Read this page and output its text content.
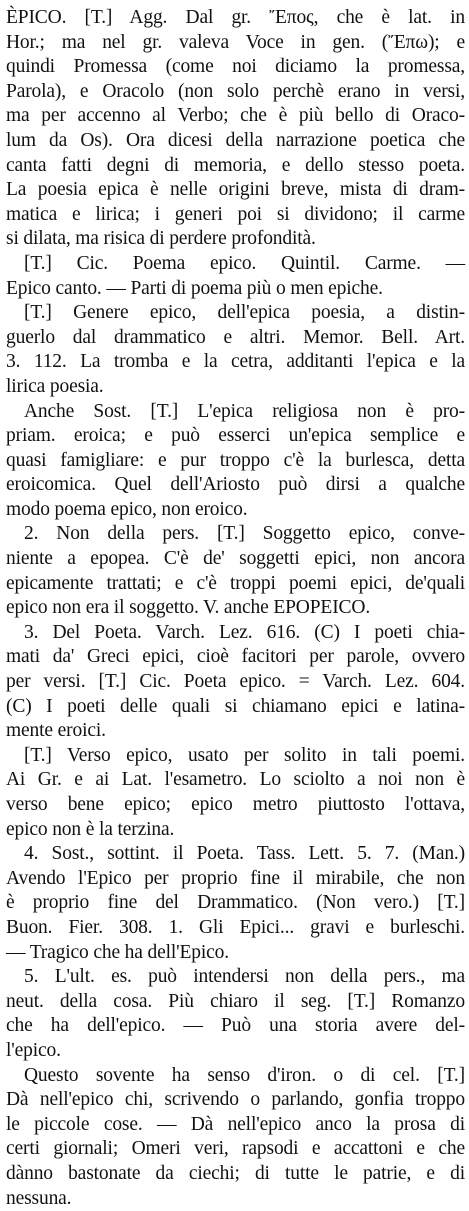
ÈPICO. [T.] Agg. Dal gr. Ἔπος, che è lat. in
Hor.; ma nel gr. valeva Voce in gen. (Ἔπω); e
quindi Promessa (come noi diciamo la promessa,
Parola), e Oracolo (non solo perchè erano in versi,
ma per accenno al Verbo; che è più bello di Oraco-
lum da Os). Ora dicesi della narrazione poetica che
canta fatti degni di memoria, e dello stesso poeta.
La poesia epica è nelle origini breve, mista di dram-
matica e lirica; i generi poi si dividono; il carme
si dilata, ma risica di perdere profondità.
[T.] Cic. Poema epico. Quintil. Carme. —
Epico canto. — Parti di poema più o men epiche.
[T.] Genere epico, dell'epica poesia, a distin-
guerlo dal drammatico e altri. Memor. Bell. Art.
3. 112. La tromba e la cetra, additanti l'epica e la
lirica poesia.
Anche Sost. [T.] L'epica religiosa non è pro-
priam. eroica; e può esserci un'epica semplice e
quasi famigliare: e pur troppo c'è la burlesca, detta
eroicomica. Quel dell'Ariosto può dirsi a qualche
modo poema epico, non eroico.
2. Non della pers. [T.] Soggetto epico, conve-
niente a epopea. C'è de' soggetti epici, non ancora
epicamente trattati; e c'è troppi poemi epici, de'quali
epico non era il soggetto. V. anche EPOPEICO.
3. Del Poeta. Varch. Lez. 616. (C) I poeti chia-
mati da' Greci epici, cioè facitori per parole, ovvero
per versi. [T.] Cic. Poeta epico. = Varch. Lez. 604.
(C) I poeti delle quali si chiamano epici e latina-
mente eroici.
[T.] Verso epico, usato per solito in tali poemi.
Ai Gr. e ai Lat. l'esametro. Lo sciolto a noi non è
verso bene epico; epico metro piuttosto l'ottava,
epico non è la terzina.
4. Sost., sottint. il Poeta. Tass. Lett. 5. 7. (Man.)
Avendo l'Epico per proprio fine il mirabile, che non
è proprio fine del Drammatico. (Non vero.) [T.]
Buon. Fier. 308. 1. Gli Epici... gravi e burleschi.
— Tragico che ha dell'Epico.
5. L'ult. es. può intendersi non della pers., ma
neut. della cosa. Più chiaro il seg. [T.] Romanzo
che ha dell'epico. — Può una storia avere del-
l'epico.
Questo sovente ha senso d'iron. o di cel. [T.]
Dà nell'epico chi, scrivendo o parlando, gonfia troppo
le piccole cose. — Dà nell'epico anco la prosa di
certi giornali; Omeri veri, rapsodi e accattoni e che
dànno bastonate da ciechi; di tutte le patrie, e di
nessuna.
